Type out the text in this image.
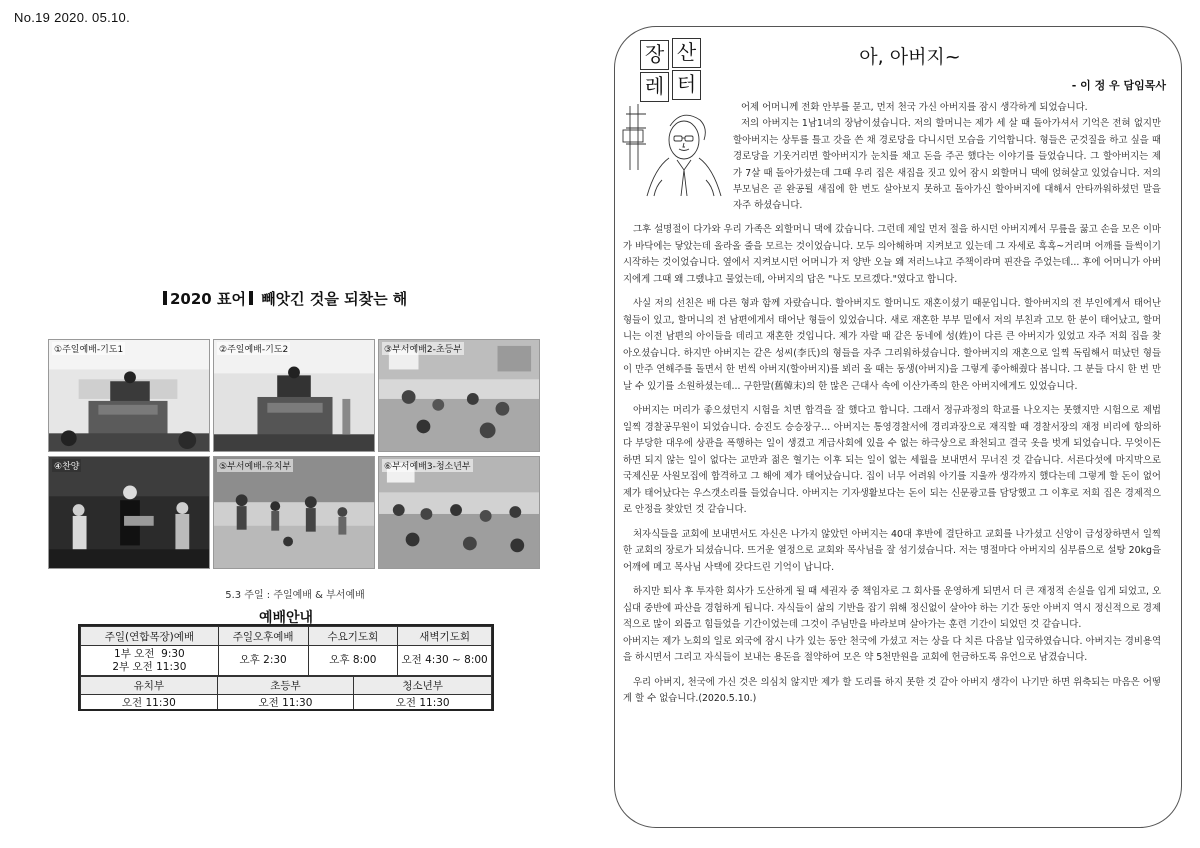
No.19 2020. 05.10.
2020 표어 빼앗긴 것을 되찾는 해
①주일예배-기도1	②주일예배-기도2	③부서예배2-초등부
④찬양	⑤부서예배-유치부	⑥부서예배3-청소년부
5.3 주일 : 주일예배 & 부서예배
예배안내
주일(연합목장)예배	주일오후예배	수요기도회	새벽기도회

1부 오전  9:30
2부 오전 11:30	오후 2:30	오후 8:00	오전 4:30 ~ 8:00
유치부	초등부	청소년부
오전 11:30	오전 11:30	오전 11:30
장 산
레 터
아, 아버지~
- 이 정 우 담임목사

어제 어머니께 전화 안부를 묻고, 먼저 천국 가신 아버지를 잠시 생각하게 되었습니다.

저의 아버지는 1남1녀의 장남이셨습니다. 저의 할머니는 제가 세 살 때 돌아가셔서 기억은 전혀 없지만 할아버지는 상투를 틀고 갓을 쓴 채 경로당을 다니시던 모습을 기억합니다. 형들은 군것질을 하고 싶을 때 경로당을 기웃거리면 할아버지가 눈치를 채고 돈을 주곤 했다는 이야기를 들었습니다. 그 할아버지는 제가 7살 때 돌아가셨는데 그때 우리 집은 새집을 짓고 있어 잠시 외할머니 댁에 얹혀살고 있었습니다. 저의 부모님은 곧 완공될 새집에 한 번도 살아보지 못하고 돌아가신 할아버지에 대해서 안타까워하셨던 말을 자주 하셨습니다.

그후 설명절이 다가와 우리 가족은 외할머니 댁에 갔습니다. 그런데 제일 먼저 절을 하시던 아버지께서 무릎을 꿇고 손을 모은 이마가 바닥에는 닿았는데 올라올 줄을 모르는 것이었습니다. 모두 의아해하며 지켜보고 있는데 그 자세로 흑흑~거리며 어깨를 들썩이기 시작하는 것이었습니다. 옆에서 지켜보시던 어머니가 저 양반 오늘 왜 저러느냐고 주책이라며 핀잔을 주었는데... 후에 어머니가 아버지에게 그때 왜 그랬냐고 물었는데, 아버지의 답은 "나도 모르겠다."였다고 합니다.

사실 저의 선친은 배 다른 형과 함께 자랐습니다. 할아버지도 할머니도 재혼이셨기 때문입니다. 할아버지의 전 부인에게서 태어난 형들이 있고, 할머니의 전 남편에게서 태어난 형들이 있었습니다. 새로 재혼한 부부 밑에서 저의 부친과 고모 한 분이 태어났고, 할머니는 이전 남편의 아이들을 데리고 재혼한 것입니다. 제가 자랄 때 같은 동네에 성(姓)이 다른 큰 아버지가 있었고 자주 저희 집을 찾아오셨습니다. 하지만 아버지는 같은 성씨(李氏)의 형들을 자주 그리워하셨습니다. 할아버지의 재혼으로 일찍 독립해서 떠났던 형들이 만주 연해주를 돌면서 한 번씩 아버지(할아버지)를 뵈러 올 때는 동생(아버지)을 그렇게 좋아해줬다 봅니다. 그 분들 다시 한 번 만날 수 있기를 소원하셨는데... 구한말(舊韓末)의 한 많은 근대사 속에 이산가족의 한은 아버지에게도 있었습니다.

아버지는 머리가 좋으셨던지 시험을 치면 합격을 잘 했다고 합니다. 그래서 정규과정의 학교를 나오지는 못했지만 시험으로 제법 일찍 경찰공무원이 되었습니다. 승진도 승승장구... 아버지는 통영경찰서에 경리과장으로 재직할 때 경찰서장의 재정 비리에 항의하다 부당한 대우에 상관을 폭행하는 일이 생겼고 계급사회에 있을 수 없는 하극상으로 좌천되고 결국 옷을 벗게 되었습니다. 무엇이든 하면 되지 않는 일이 없다는 교만과 젊은 혈기는 이후 되는 일이 없는 세월을 보내면서 무너진 것 같습니다. 서른다섯에 마지막으로 국제신문 사원모집에 합격하고 그 해에 제가 태어났습니다. 집이 너무 어려워 아기를 지울까 생각까지 했다는데 그렇게 할 돈이 없어 제가 태어났다는 우스갯소리를 들었습니다. 아버지는 기자생활보다는 돈이 되는 신문광고를 담당했고 그 이후로 저희 집은 경제적으로 안정을 찾았던 것 같습니다.

처자식들을 교회에 보내면서도 자신은 나가지 않았던 아버지는 40대 후반에 결단하고 교회를 나가셨고 신앙이 급성장하면서 일찍 한 교회의 장로가 되셨습니다. 뜨거운 열정으로 교회와 목사님을 잘 섬기셨습니다. 저는 명절마다 아버지의 심부름으로 설탕 20kg을 어깨에 메고 목사님 사택에 갖다드린 기억이 납니다.

하지만 퇴사 후 투자한 회사가 도산하게 될 때 세권자 중 책임자로 그 회사를 운영하게 되면서 더 큰 재정적 손실을 입게 되었고, 오십대 중반에 파산을 경험하게 됩니다. 자식들이 삶의 기반을 잡기 위해 정신없이 살아야 하는 기간 동안 아버지 역시 정신적으로 경제적으로 많이 외롭고 힘들었을 기간이었는데 그것이 주님만을 바라보며 살아가는 훈련 기간이 되었던 것 같습니다.
아버지는 제가 노회의 일로 외국에 잠시 나가 있는 동안 천국에 가셨고 저는 상을 다 치른 다음날 입국하였습니다. 아버지는 경비용역을 하시면서 그리고 자식들이 보내는 용돈을 절약하여 모은 약 5천만원을 교회에 헌금하도록 유언으로 남겼습니다.

우리 아버지, 천국에 가신 것은 의심치 않지만 제가 할 도리를 하지 못한 것 같아 아버지 생각이 나기만 하면 위축되는 마음은 어떻게 할 수 없습니다.(2020.5.10.)
